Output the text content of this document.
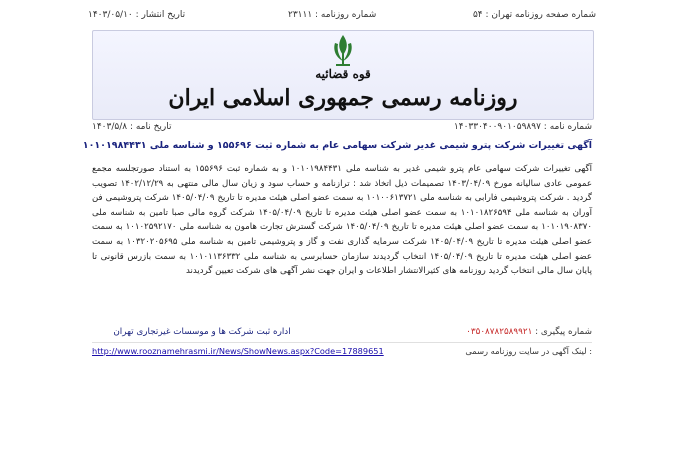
شماره صفحه روزنامه تهران : ۵۴
شماره روزنامه : ۲۳۱۱۱
تاریخ انتشار : ۱۴۰۳/۰۵/۱۰
قوه قضائیه
روزنامه رسمی جمهوری اسلامی ایران
شماره نامه : ۱۴۰۳۳۰۴۰۰۹۰۱۰۵۹۸۹۷
تاریخ نامه : ۱۴۰۳/۵/۸
آگهی تغییرات شرکت پترو شیمی غدیر شرکت سهامی عام به شماره ثبت ۱۵۵۶۹۶ و شناسه ملی ۱۰۱۰۱۹۸۴۴۳۱
آگهی تغییرات شرکت سهامی عام پترو شیمی غدیر به شناسه ملی ۱۰۱۰۱۹۸۴۴۳۱ و به شماره ثبت ۱۵۵۶۹۶ به استناد صورتجلسه مجمع عمومی عادی سالیانه مورخ ۱۴۰۳/۰۴/۰۹ تصمیمات ذیل اتخاذ شد : ترازنامه و حساب سود و زیان سال مالی منتهی به ۱۴۰۲/۱۲/۲۹ تصویب گردید . شرکت پتروشیمی فارابی به شناسه ملی ۱۰۱۰۰۶۱۳۷۲۱ به سمت عضو اصلی هیئت مدیره تا تاریخ ۱۴۰۵/۰۴/۰۹ شرکت پتروشیمی فن آوران به شناسه ملی ۱۰۱۰۱۸۲۶۵۹۴ به سمت عضو اصلی هیئت مدیره تا تاریخ ۱۴۰۵/۰۴/۰۹ شرکت گروه مالی صبا تامین به شناسه ملی ۱۰۱۰۱۹۰۸۳۷۰ به سمت عضو اصلی هیئت مدیره تا تاریخ ۱۴۰۵/۰۴/۰۹ شرکت گسترش تجارت هامون به شناسه ملی ۱۰۱۰۲۵۹۲۱۷۰ به سمت عضو اصلی هیئت مدیره تا تاریخ ۱۴۰۵/۰۴/۰۹ شرکت سرمایه گذاری نفت و گاز و پتروشیمی تامین به شناسه ملی ۱۰۳۲۰۲۰۵۶۹۵ به سمت عضو اصلی هیئت مدیره تا تاریخ ۱۴۰۵/۰۴/۰۹ انتخاب گردیدند سازمان حسابرسی به شناسه ملی ۱۰۱۰۱۱۳۶۳۳۲ به سمت بازرس قانونی تا پایان سال مالی انتخاب گردید روزنامه های کثیرالانتشار اطلاعات و ایران جهت نشر آگهی های شرکت تعیین گردیدند
شماره پیگیری : ۰۳۵۰۸۷۸۲۵۸۹۹۲۱
اداره ثبت شرکت ها و موسسات غیرتجاری تهران
لینک آگهی در سایت روزنامه رسمی :
http://www.rooznamehrasmi.ir/News/ShowNews.aspx?Code=17889651
